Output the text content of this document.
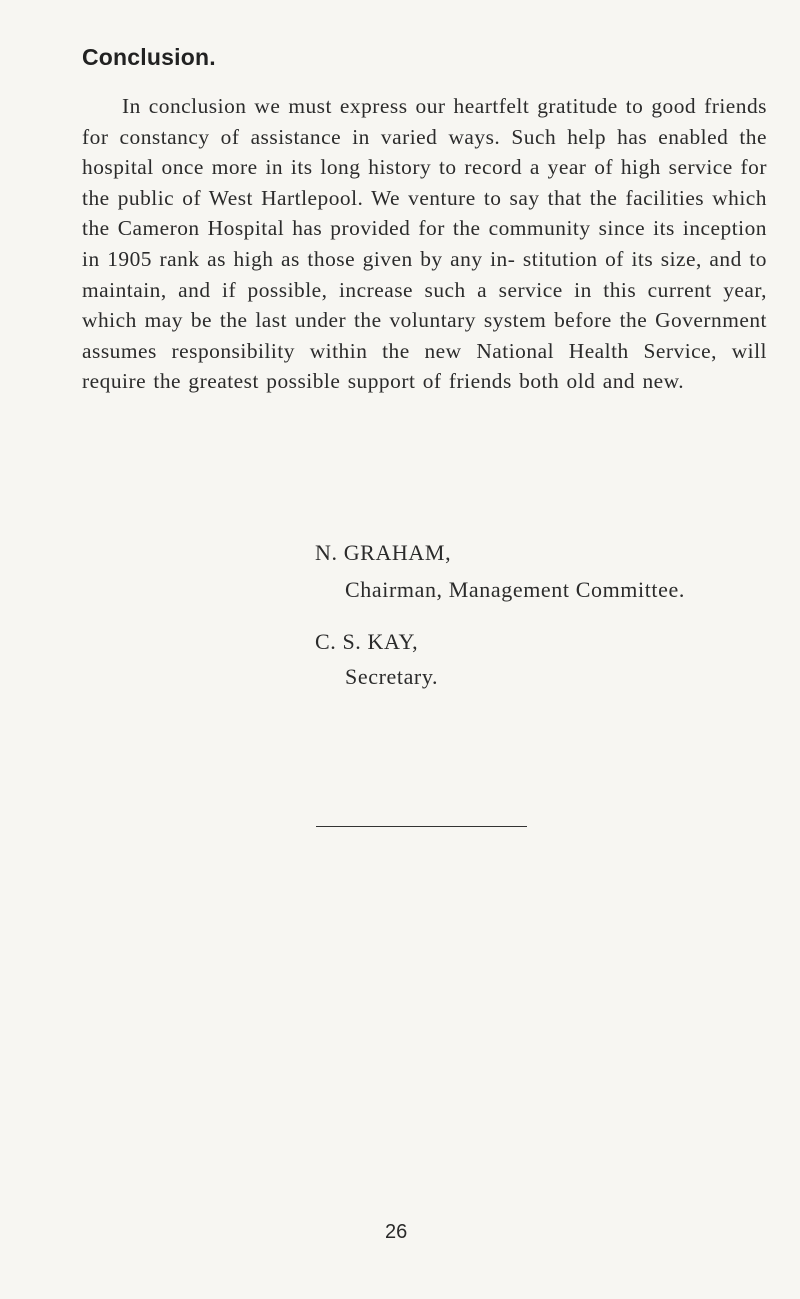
Conclusion.

In conclusion we must express our heartfelt gratitude to good friends for constancy of assistance in varied ways. Such help has enabled the hospital once more in its long history to record a year of high service for the public of West Hartlepool. We venture to say that the facilities which the Cameron Hospital has provided for the community since its inception in 1905 rank as high as those given by any in- stitution of its size, and to maintain, and if possible, increase such a service in this current year, which may be the last under the voluntary system before the Government assumes responsibility within the new National Health Service, will require the greatest possible support of friends both old and new.

N. GRAHAM,
Chairman, Management Committee.
C. S. KAY,
Secretary.
26
